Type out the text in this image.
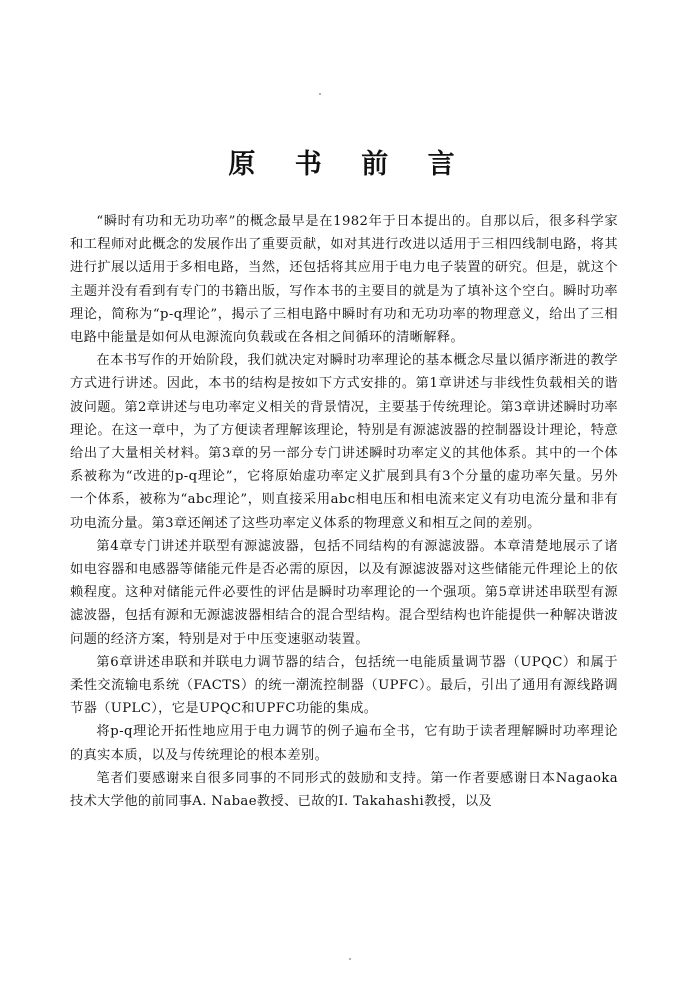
原 书 前 言

“瞬时有功和无功功率”的概念最早是在1982年于日本提出的。自那以后，很多科学家和工程师对此概念的发展作出了重要贡献，如对其进行改进以适用于三相四线制电路，将其进行扩展以适用于多相电路，当然，还包括将其应用于电力电子装置的研究。但是，就这个主题并没有看到有专门的书籍出版，写作本书的主要目的就是为了填补这个空白。瞬时功率理论，简称为“p-q理论”，揭示了三相电路中瞬时有功和无功功率的物理意义，给出了三相电路中能量是如何从电源流向负载或在各相之间循环的清晰解释。

在本书写作的开始阶段，我们就决定对瞬时功率理论的基本概念尽量以循序渐进的教学方式进行讲述。因此，本书的结构是按如下方式安排的。第1章讲述与非线性负载相关的谐波问题。第2章讲述与电功率定义相关的背景情况，主要基于传统理论。第3章讲述瞬时功率理论。在这一章中，为了方便读者理解该理论，特别是有源滤波器的控制器设计理论，特意给出了大量相关材料。第3章的另一部分专门讲述瞬时功率定义的其他体系。其中的一个体系被称为“改进的p-q理论”，它将原始虚功率定义扩展到具有3个分量的虚功率矢量。另外一个体系，被称为“abc理论”，则直接采用abc相电压和相电流来定义有功电流分量和非有功电流分量。第3章还阐述了这些功率定义体系的物理意义和相互之间的差别。

第4章专门讲述并联型有源滤波器，包括不同结构的有源滤波器。本章清楚地展示了诸如电容器和电感器等储能元件是否必需的原因，以及有源滤波器对这些储能元件理论上的依赖程度。这种对储能元件必要性的评估是瞬时功率理论的一个强项。第5章讲述串联型有源滤波器，包括有源和无源滤波器相结合的混合型结构。混合型结构也许能提供一种解决谐波问题的经济方案，特别是对于中压变速驱动装置。

第6章讲述串联和并联电力调节器的结合，包括统一电能质量调节器（UPQC）和属于柔性交流输电系统（FACTS）的统一潮流控制器（UPFC）。最后，引出了通用有源线路调节器（UPLC），它是UPQC和UPFC功能的集成。

将p-q理论开拓性地应用于电力调节的例子遍布全书，它有助于读者理解瞬时功率理论的真实本质，以及与传统理论的根本差别。

笔者们要感谢来自很多同事的不同形式的鼓励和支持。第一作者要感谢日本Nagaoka技术大学他的前同事A. Nabae教授、已故的I. Takahashi教授，以及
